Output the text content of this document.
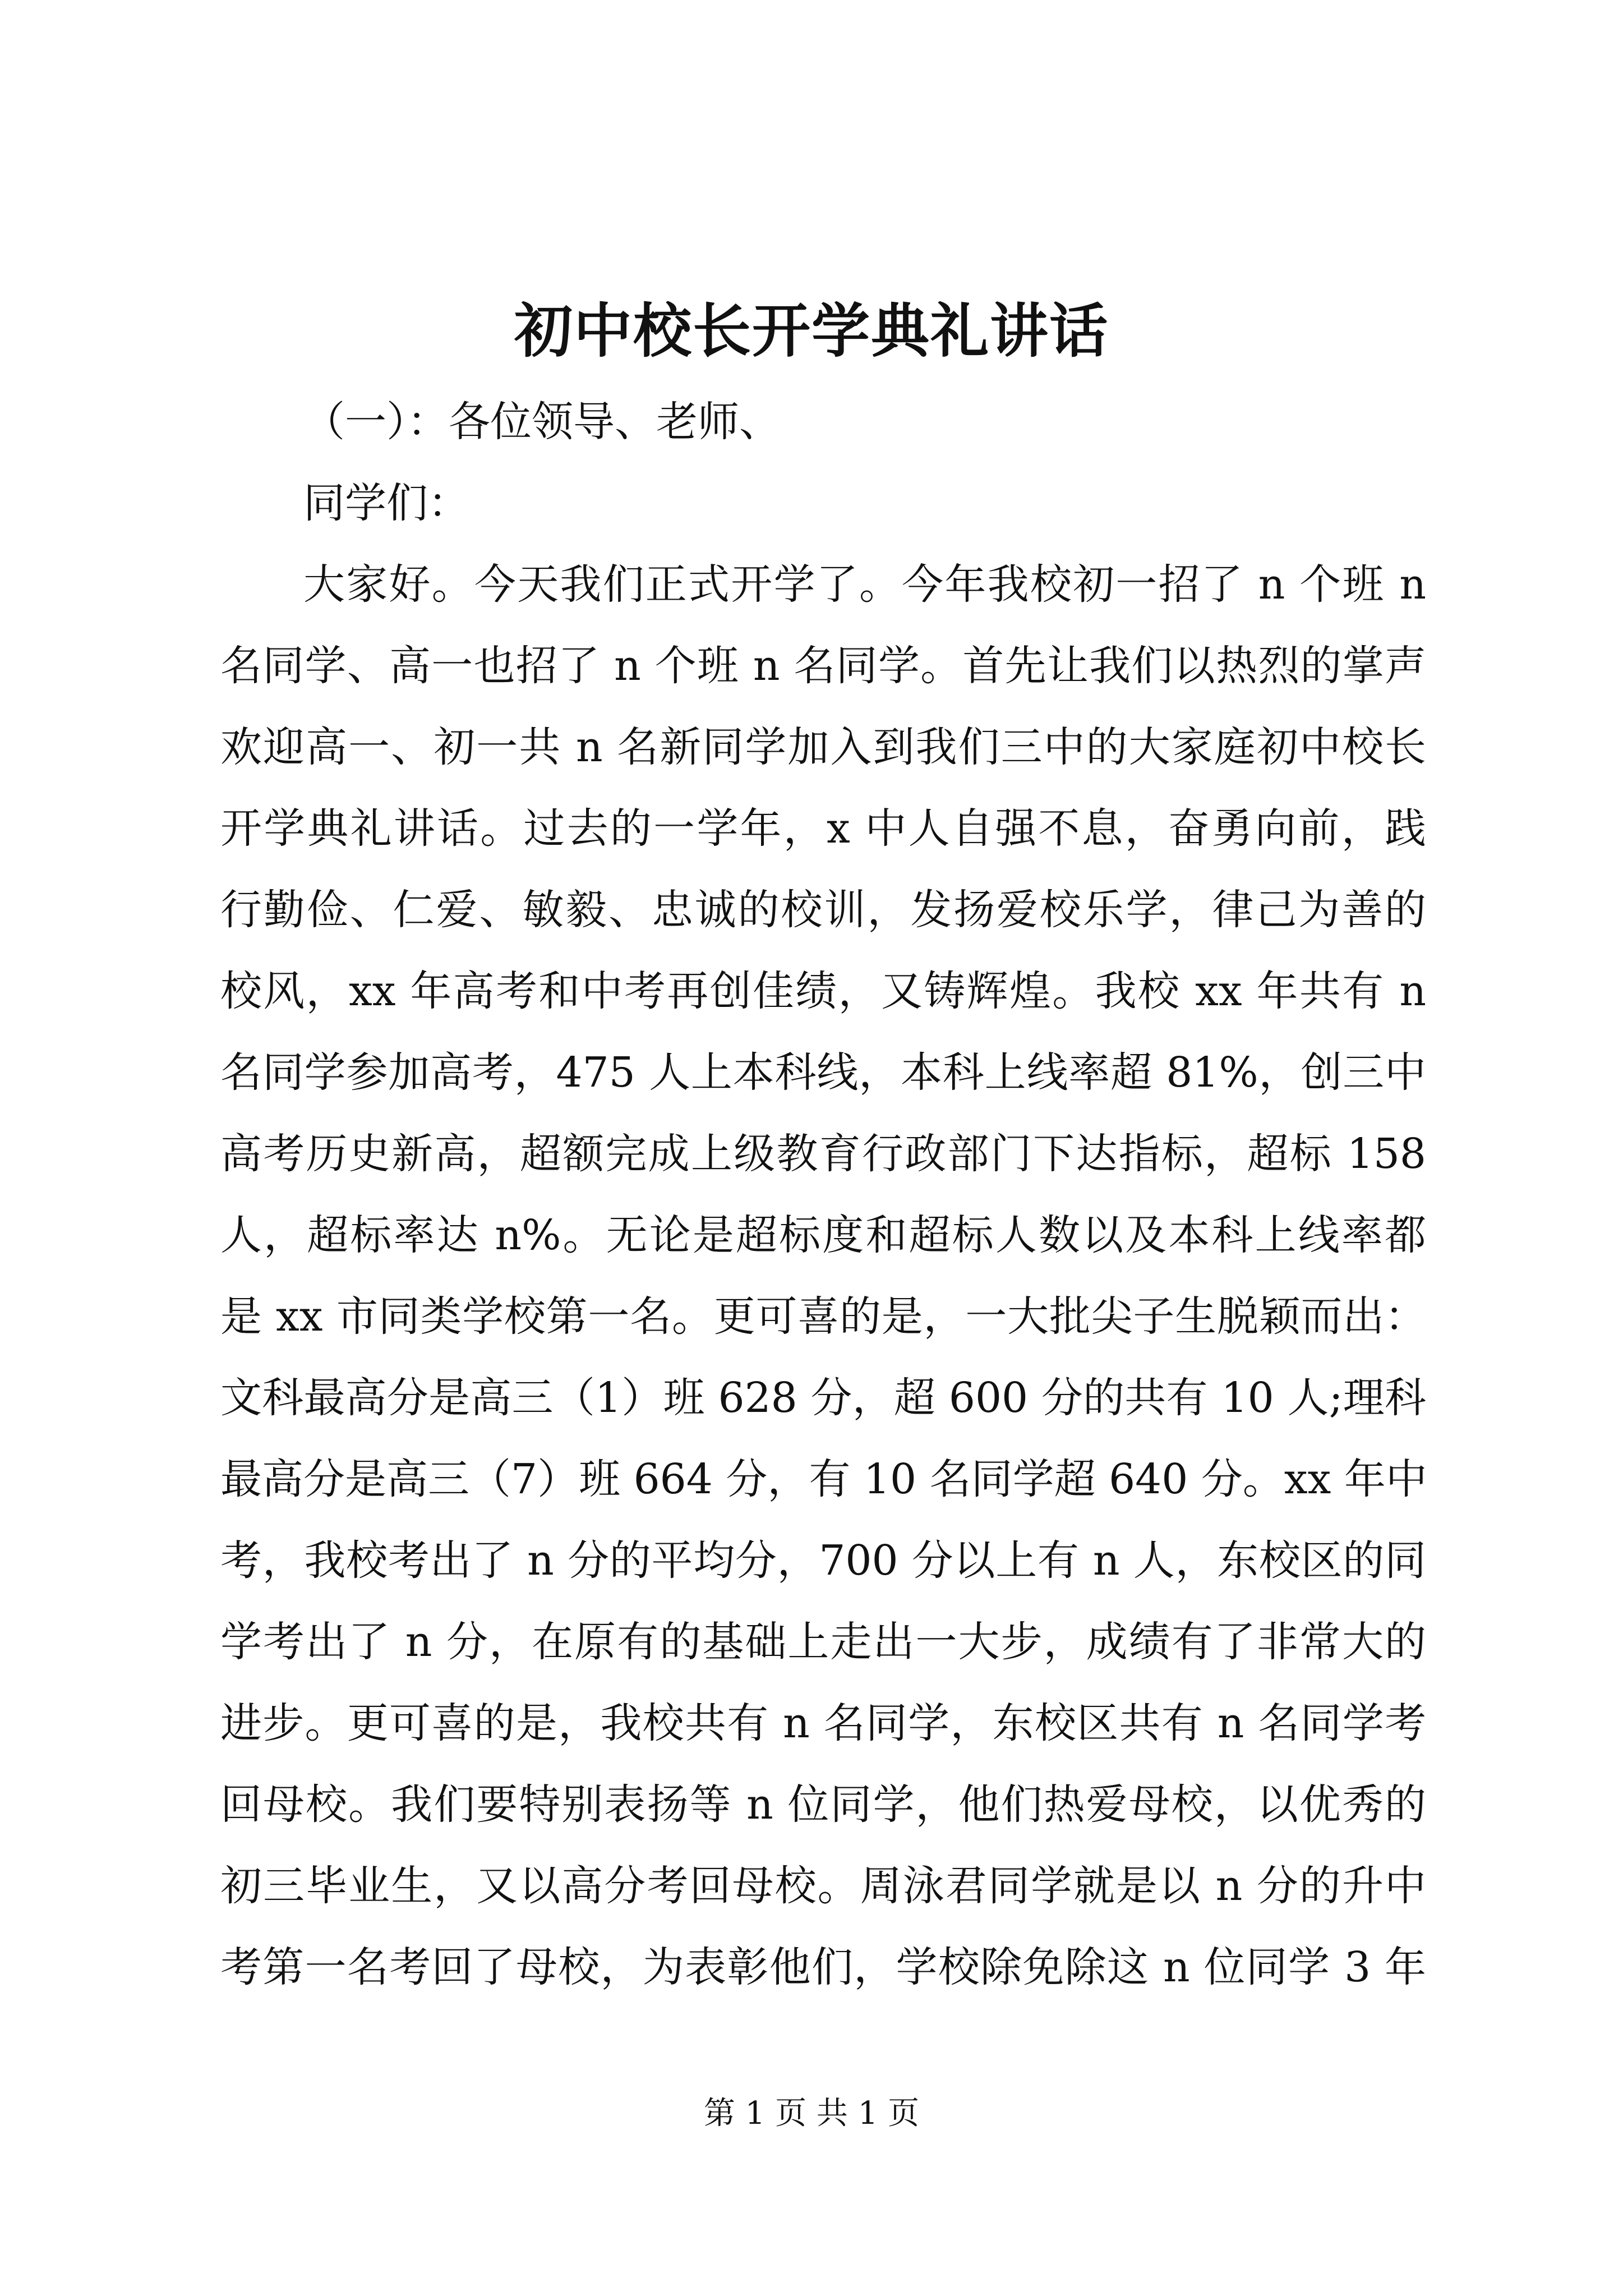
初中校长开学典礼讲话
（一）：各位领导、老师、
同学们：
大家好。今天我们正式开学了。今年我校初一招了 n 个班 n
名同学、高一也招了 n 个班 n 名同学。首先让我们以热烈的掌声
欢迎高一、初一共 n 名新同学加入到我们三中的大家庭初中校长
开学典礼讲话。过去的一学年，x 中人自强不息，奋勇向前，践
行勤俭、仁爱、敏毅、忠诚的校训，发扬爱校乐学，律己为善的
校风，xx 年高考和中考再创佳绩，又铸辉煌。我校 xx 年共有 n
名同学参加高考，475 人上本科线，本科上线率超 81%，创三中
高考历史新高，超额完成上级教育行政部门下达指标，超标 158
人，超标率达 n%。无论是超标度和超标人数以及本科上线率都
是 xx 市同类学校第一名。更可喜的是，一大批尖子生脱颖而出：
文科最高分是高三（1）班 628 分，超 600 分的共有 10 人;理科
最高分是高三（7）班 664 分，有 10 名同学超 640 分。xx 年中
考，我校考出了 n 分的平均分，700 分以上有 n 人，东校区的同
学考出了 n 分，在原有的基础上走出一大步，成绩有了非常大的
进步。更可喜的是，我校共有 n 名同学，东校区共有 n 名同学考
回母校。我们要特别表扬等 n 位同学，他们热爱母校，以优秀的
初三毕业生，又以高分考回母校。周泳君同学就是以 n 分的升中
考第一名考回了母校，为表彰他们，学校除免除这 n 位同学 3 年
第 1 页 共 1 页
